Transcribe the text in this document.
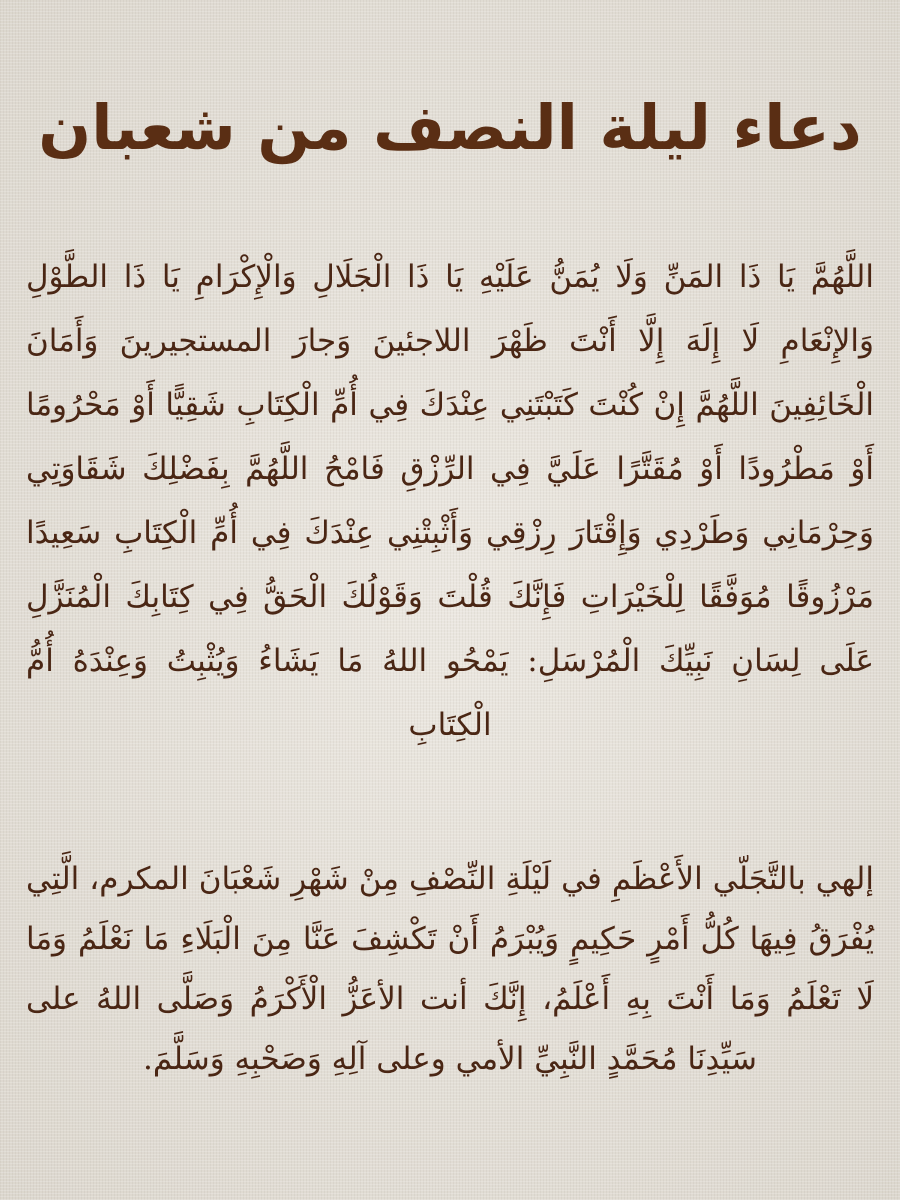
دعاء ليلة النصف من شعبان

اللَّهُمَّ يَا ذَا المَنِّ وَلَا يُمَنُّ عَلَيْهِ يَا ذَا الْجَلَالِ وَالْإِكْرَامِ يَا ذَا الطَّوْلِ وَالإِنْعَامِ لَا إِلَهَ إِلَّا أَنْتَ ظَهْرَ اللاجئينَ وَجارَ المستجيرينَ وَأَمَانَ الْخَائِفِينَ اللَّهُمَّ إِنْ كُنْتَ كَتَبْتَنِي عِنْدَكَ فِي أُمِّ الْكِتَابِ شَقِيًّا أَوْ مَحْرُومًا أَوْ مَطْرُودًا أَوْ مُقَتَّرًا عَلَيَّ فِي الرِّزْقِ فَامْحُ اللَّهُمَّ بِفَضْلِكَ شَقَاوَتِي وَحِرْمَانِي وَطَرْدِي وَإِقْتَارَ رِزْقِي وَأَثْبِتْنِي عِنْدَكَ فِي أُمِّ الْكِتَابِ سَعِيدًا مَرْزُوقًا مُوَفَّقًا لِلْخَيْرَاتِ فَإِنَّكَ قُلْتَ وَقَوْلُكَ الْحَقُّ فِي كِتَابِكَ الْمُنَزَّلِ عَلَى لِسَانِ نَبِيِّكَ الْمُرْسَلِ: يَمْحُو اللهُ مَا يَشَاءُ وَيُثْبِتُ وَعِنْدَهُ أُمُّ الْكِتَابِ

إلهي بالتَّجَلّي الأَعْظَمِ في لَيْلَةِ النِّصْفِ مِنْ شَهْرِ شَعْبَانَ المكرم، الَّتِي يُفْرَقُ فِيهَا كُلُّ أَمْرٍ حَكِيمٍ وَيُبْرَمُ أَنْ تَكْشِفَ عَنَّا مِنَ الْبَلَاءِ مَا نَعْلَمُ وَمَا لَا تَعْلَمُ وَمَا أَنْتَ بِهِ أَعْلَمُ، إِنَّكَ أنت الأعَزُّ الْأَكْرَمُ وَصَلَّى اللهُ على سَيِّدِنَا مُحَمَّدٍ النَّبِيِّ الأمي وعلى آلِهِ وَصَحْبِهِ وَسَلَّمَ.
